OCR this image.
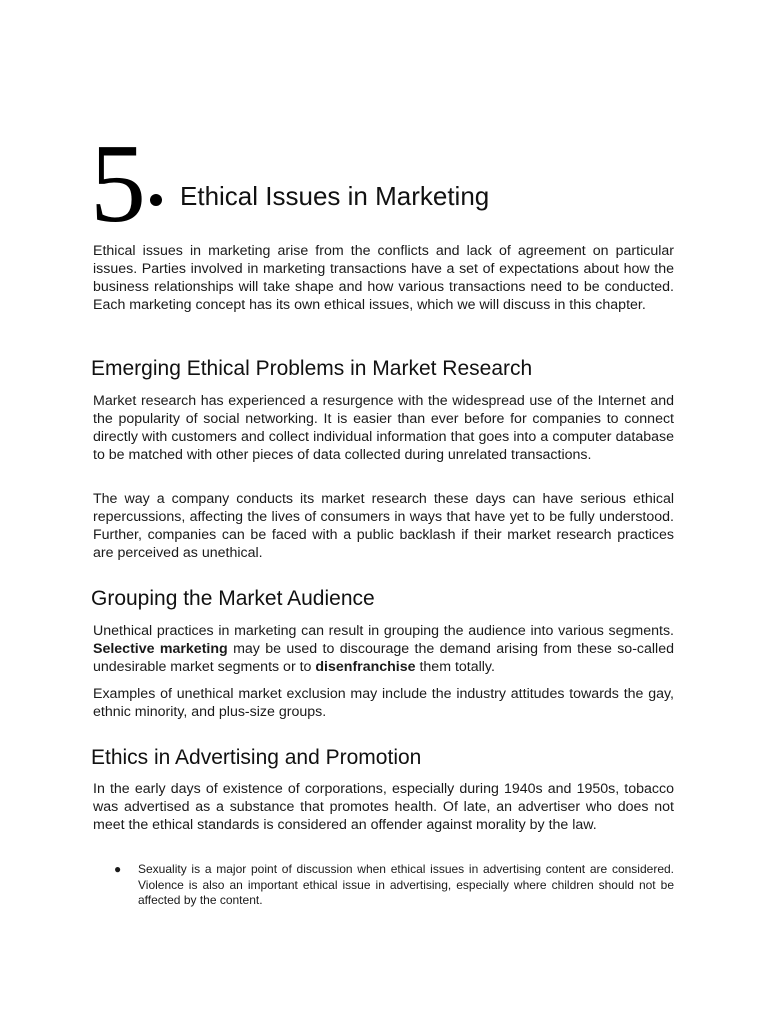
5 Ethical Issues in Marketing

Ethical issues in marketing arise from the conflicts and lack of agreement on particular issues. Parties involved in marketing transactions have a set of expectations about how the business relationships will take shape and how various transactions need to be conducted. Each marketing concept has its own ethical issues, which we will discuss in this chapter.

Emerging Ethical Problems in Market Research

Market research has experienced a resurgence with the widespread use of the Internet and the popularity of social networking. It is easier than ever before for companies to connect directly with customers and collect individual information that goes into a computer database to be matched with other pieces of data collected during unrelated transactions.

The way a company conducts its market research these days can have serious ethical repercussions, affecting the lives of consumers in ways that have yet to be fully understood. Further, companies can be faced with a public backlash if their market research practices are perceived as unethical.

Grouping the Market Audience

Unethical practices in marketing can result in grouping the audience into various segments. Selective marketing may be used to discourage the demand arising from these so-called undesirable market segments or to disenfranchise them totally.

Examples of unethical market exclusion may include the industry attitudes towards the gay, ethnic minority, and plus-size groups.

Ethics in Advertising and Promotion

In the early days of existence of corporations, especially during 1940s and 1950s, tobacco was advertised as a substance that promotes health. Of late, an advertiser who does not meet the ethical standards is considered an offender against morality by the law.

● Sexuality is a major point of discussion when ethical issues in advertising content are considered. Violence is also an important ethical issue in advertising, especially where children should not be affected by the content.
